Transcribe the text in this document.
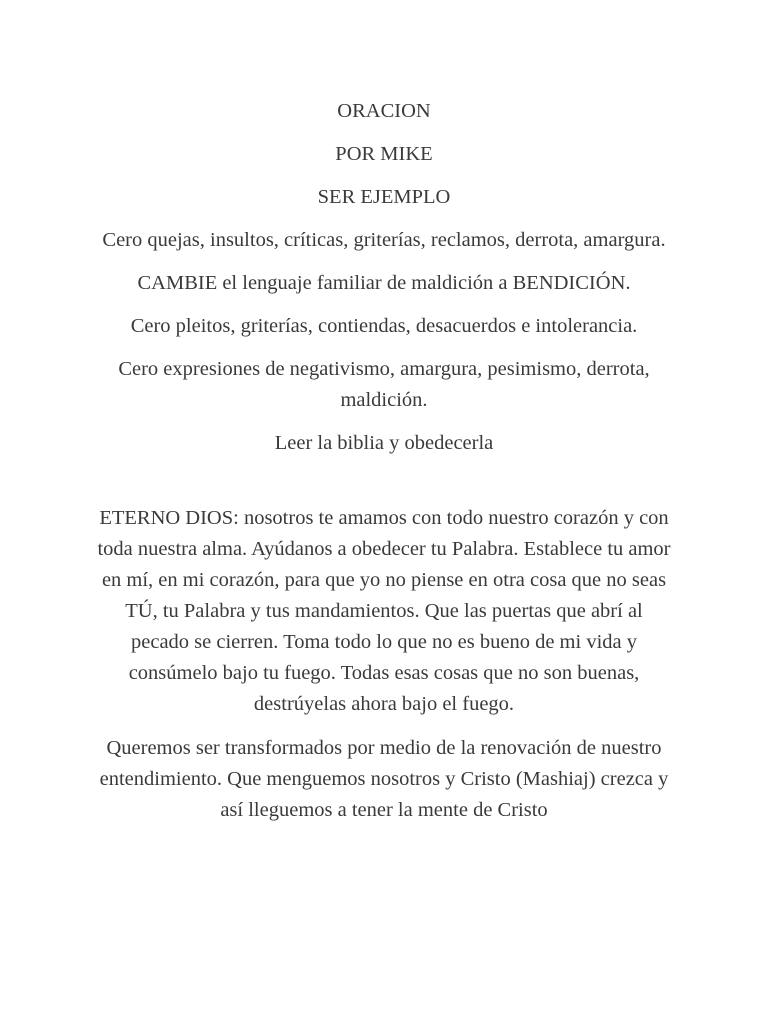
ORACION

POR MIKE

SER EJEMPLO

Cero quejas, insultos, críticas, griterías, reclamos, derrota, amargura.

CAMBIE el lenguaje familiar de maldición a BENDICIÓN.

Cero pleitos, griterías, contiendas, desacuerdos e intolerancia.

Cero expresiones de negativismo, amargura, pesimismo, derrota, maldición.

Leer la biblia y obedecerla

ETERNO DIOS: nosotros te amamos con todo nuestro corazón y con toda nuestra alma. Ayúdanos a obedecer tu Palabra. Establece tu amor en mí, en mi corazón, para que yo no piense en otra cosa que no seas TÚ, tu Palabra y tus mandamientos. Que las puertas que abrí al pecado se cierren. Toma todo lo que no es bueno de mi vida y consúmelo bajo tu fuego. Todas esas cosas que no son buenas, destrúyelas ahora bajo el fuego.

Queremos ser transformados por medio de la renovación de nuestro entendimiento. Que menguemos nosotros y Cristo (Mashiaj) crezca y así lleguemos a tener la mente de Cristo
